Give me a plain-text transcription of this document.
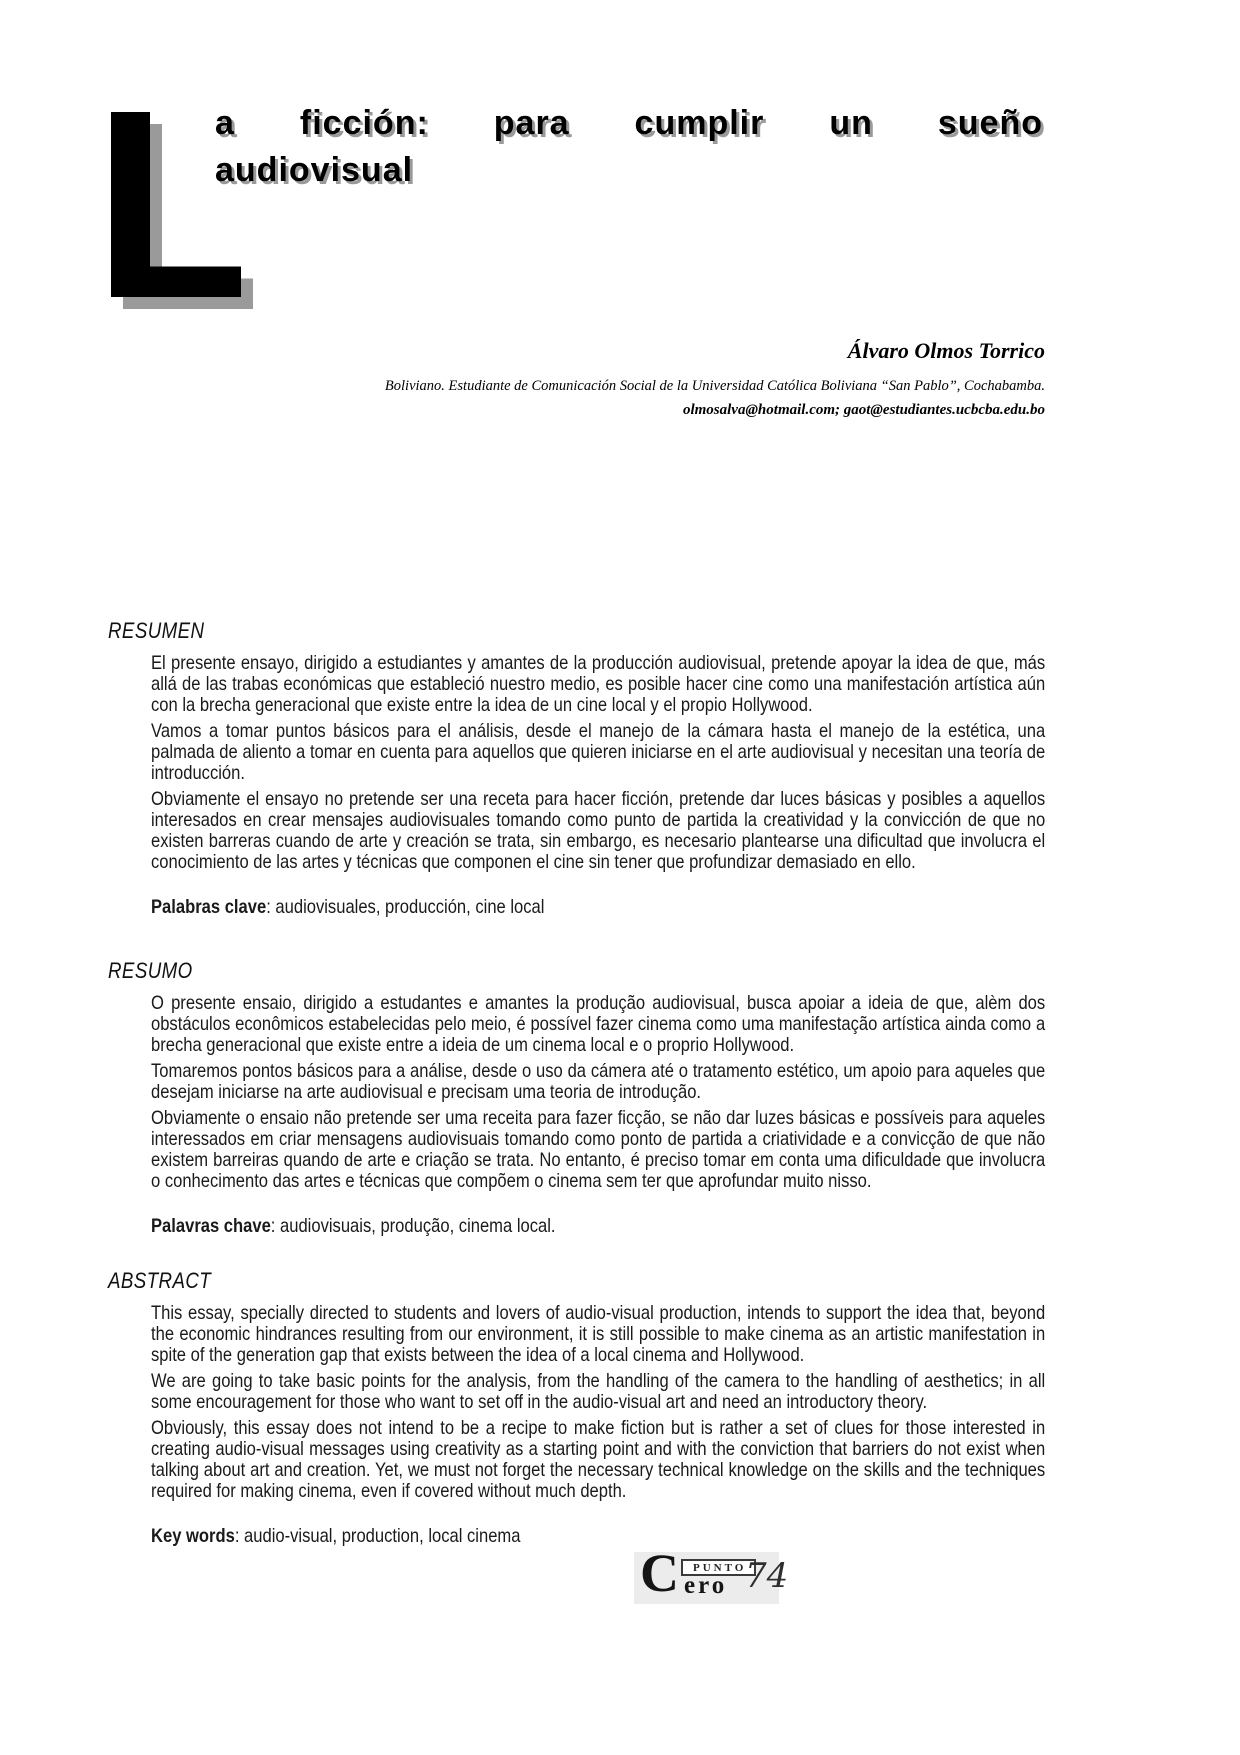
a ficción: para cumplir un sueño
audiovisual
Álvaro Olmos Torrico
Boliviano. Estudiante de Comunicación Social de la Universidad Católica Boliviana “San Pablo”, Cochabamba.
olmosalva@hotmail.com; gaot@estudiantes.ucbcba.edu.bo
RESUMEN

El presente ensayo, dirigido a estudiantes y amantes de la producción audiovisual, pretende apoyar la idea de que, más allá de las trabas económicas que estableció nuestro medio, es posible hacer cine como una manifestación artística aún con la brecha generacional que existe entre la idea de un cine local y el propio Hollywood.

Vamos a tomar puntos básicos para el análisis, desde el manejo de la cámara hasta el manejo de la estética, una palmada de aliento a tomar en cuenta para aquellos que quieren iniciarse en el arte audiovisual y necesitan una teoría de introducción.

Obviamente el ensayo no pretende ser una receta para hacer ficción, pretende dar luces básicas y posibles a aquellos interesados en crear mensajes audiovisuales tomando como punto de partida la creatividad y la convicción de que no existen barreras cuando de arte y creación se trata, sin embargo, es necesario plantearse una dificultad que involucra el conocimiento de las artes y técnicas que componen el cine sin tener que profundizar demasiado en ello.

Palabras clave: audiovisuales, producción, cine local

RESUMO

O presente ensaio, dirigido a estudantes e amantes la produção audiovisual, busca apoiar a ideia de que, alèm dos obstáculos econômicos estabelecidas pelo meio, é possível fazer cinema como uma manifestação artística ainda como a brecha generacional que existe entre a ideia de um cinema local e o proprio Hollywood.

Tomaremos pontos básicos para a análise, desde o uso da cámera até o tratamento estético, um apoio para aqueles que desejam iniciarse na arte audiovisual e precisam uma teoria de introdução.

Obviamente o ensaio não pretende ser uma receita para fazer ficção, se não dar luzes básicas e possíveis para aqueles interessados em criar mensagens audiovisuais tomando como ponto de partida a criatividade e a convicção de que não existem barreiras quando de arte e criação se trata. No entanto, é preciso tomar em conta uma dificuldade que involucra o conhecimento das artes e técnicas que compõem o cinema sem ter que aprofundar muito nisso.

Palavras chave: audiovisuais, produção, cinema local.

ABSTRACT

This essay, specially directed to students and lovers of audio-visual production, intends to support the idea that, beyond the economic hindrances resulting from our environment, it is still possible to make cinema as an artistic manifestation in spite of the generation gap that exists between the idea of a local cinema and Hollywood.

We are going to take basic points for the analysis, from the handling of the camera to the handling of aesthetics; in all some encouragement for those who want to set off in the audio-visual art and need an introductory theory.

Obviously, this essay does not intend to be a recipe to make fiction but is rather a set of clues for those interested in creating audio-visual messages using creativity as a starting point and with the conviction that barriers do not exist when talking about art and creation. Yet, we must not forget the necessary technical knowledge on the skills and the techniques required for making cinema, even if covered without much depth.

Key words: audio-visual, production, local cinema

C	PUNTO
ero 74
